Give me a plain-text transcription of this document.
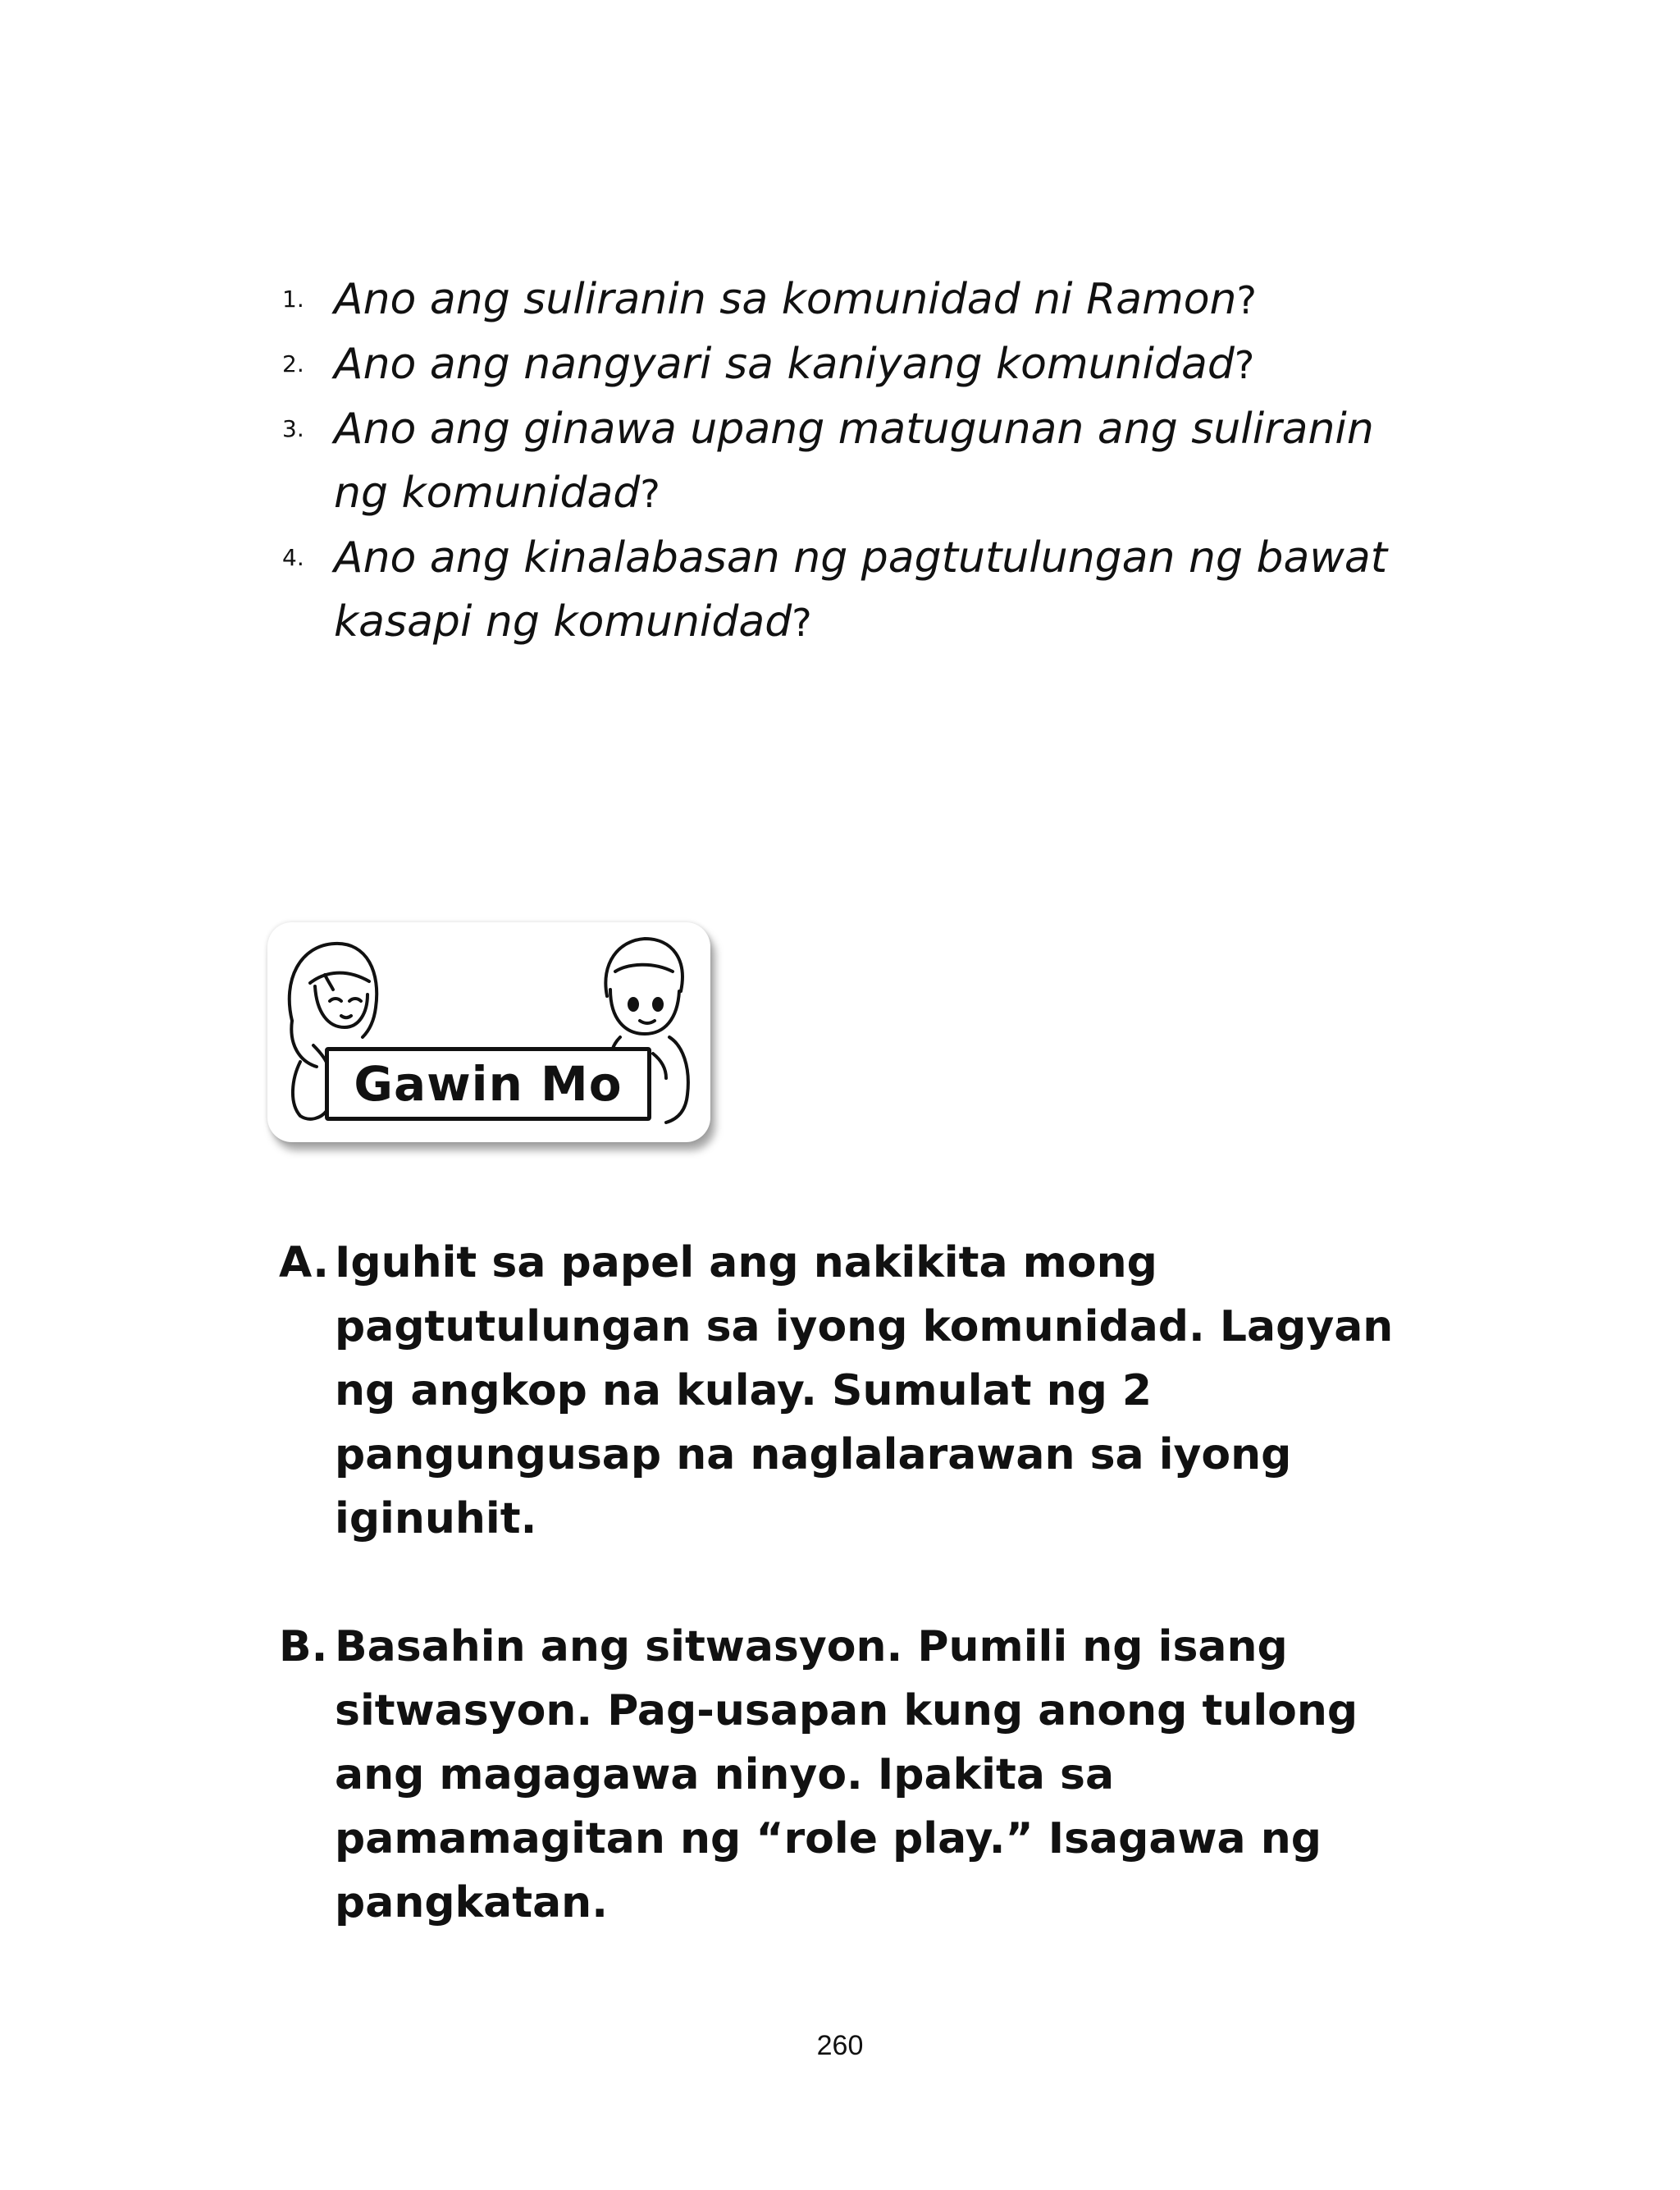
1. Ano ang suliranin sa komunidad ni Ramon?
2. Ano ang nangyari sa kaniyang komunidad?
3. Ano ang ginawa upang matugunan ang suliranin ng komunidad?
4. Ano ang kinalabasan ng pagtutulungan ng bawat kasapi ng komunidad?
Gawin Mo
A. Iguhit sa papel ang nakikita mong pagtutulungan sa iyong komunidad. Lagyan ng angkop na kulay. Sumulat ng 2 pangungusap na naglalarawan sa iyong iginuhit.
B. Basahin ang sitwasyon. Pumili ng isang sitwasyon. Pag-usapan kung anong tulong ang magagawa ninyo. Ipakita sa pamamagitan ng “role play.” Isagawa ng pangkatan.
260
